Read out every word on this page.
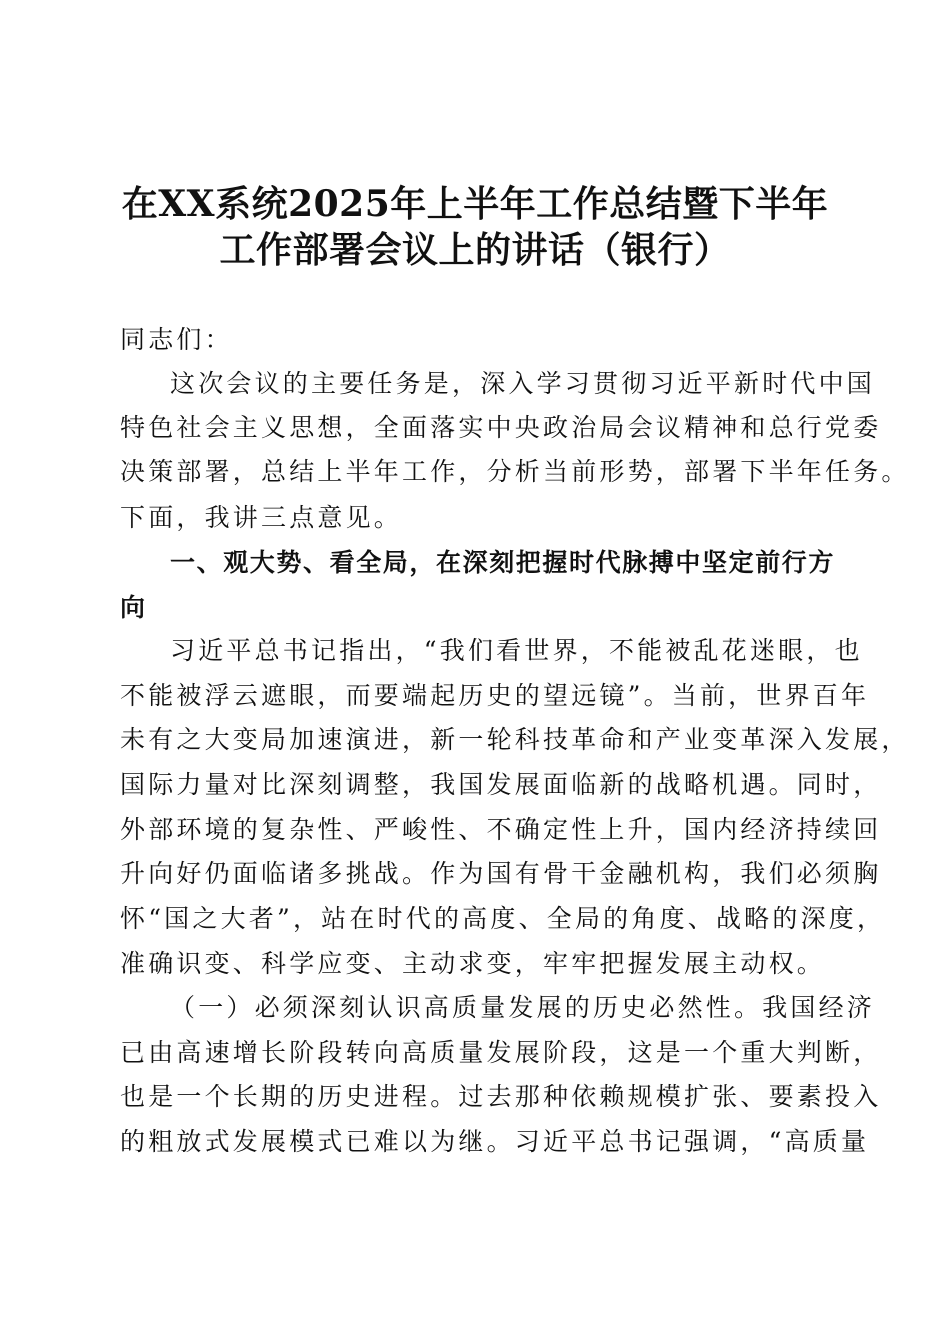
在XX系统2025年上半年工作总结暨下半年
工作部署会议上的讲话（银行）
同志们：
这次会议的主要任务是，深入学习贯彻习近平新时代中国
特色社会主义思想，全面落实中央政治局会议精神和总行党委
决策部署，总结上半年工作，分析当前形势，部署下半年任务。
下面，我讲三点意见。
一、观大势、看全局，在深刻把握时代脉搏中坚定前行方
向
习近平总书记指出，“我们看世界，不能被乱花迷眼，也
不能被浮云遮眼，而要端起历史的望远镜”。当前，世界百年
未有之大变局加速演进，新一轮科技革命和产业变革深入发展，
国际力量对比深刻调整，我国发展面临新的战略机遇。同时，
外部环境的复杂性、严峻性、不确定性上升，国内经济持续回
升向好仍面临诸多挑战。作为国有骨干金融机构，我们必须胸
怀“国之大者”，站在时代的高度、全局的角度、战略的深度，
准确识变、科学应变、主动求变，牢牢把握发展主动权。
（一）必须深刻认识高质量发展的历史必然性。我国经济
已由高速增长阶段转向高质量发展阶段，这是一个重大判断，
也是一个长期的历史进程。过去那种依赖规模扩张、要素投入
的粗放式发展模式已难以为继。习近平总书记强调，“高质量
